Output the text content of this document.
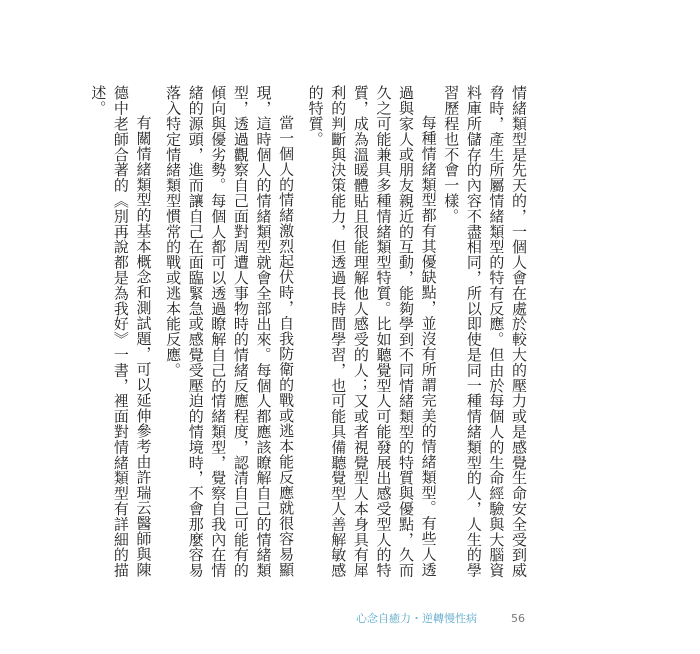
情緒類型是先天的，一個人會在處於較大的壓力或是感覺生命安全受到威脅時，產生所屬情緒類型的特有反應。但由於每個人的生命經驗與大腦資料庫所儲存的內容不盡相同，所以即使是同一種情緒類型的人，人生的學習歷程也不會一樣。

每種情緒類型都有其優缺點，並沒有所謂完美的情緒類型。有些人透過與家人或朋友親近的互動，能夠學到不同情緒類型的特質與優點，久而久之可能兼具多種情緒類型特質。比如聽覺型人可能發展出感受型人的特質，成為溫暖體貼且很能理解他人感受的人；又或者視覺型人本身具有犀利的判斷與決策能力，但透過長時間學習，也可能具備聽覺型人善解敏感的特質。

當一個人的情緒激烈起伏時，自我防衛的戰或逃本能反應就很容易顯現，這時個人的情緒類型就會全部出來。每個人都應該瞭解自己的情緒類型，透過觀察自己面對周遭人事物時的情緒反應程度，認清自己可能有的傾向與優劣勢。每個人都可以透過瞭解自己的情緒類型，覺察自我內在情緒的源頭，進而讓自己在面臨緊急或感覺受壓迫的情境時，不會那麼容易落入特定情緒類型慣常的戰或逃本能反應。

有關情緒類型的基本概念和測試題，可以延伸參考由許瑞云醫師與陳德中老師合著的《別再說都是為我好》一書，裡面對情緒類型有詳細的描述。

心念自癒力・逆轉慢性病	56
